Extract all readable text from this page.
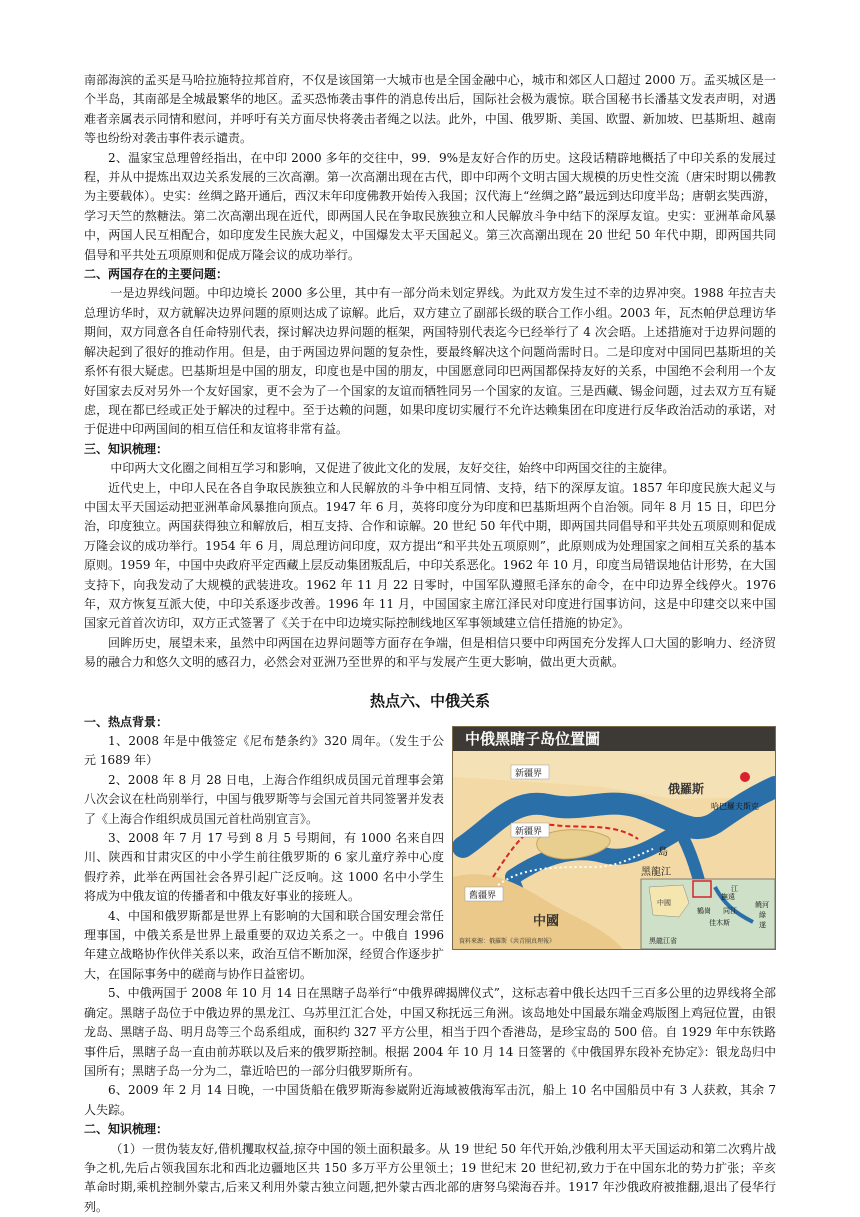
南部海滨的孟买是马哈拉施特拉邦首府，不仅是该国第一大城市也是全国金融中心，城市和郊区人口超过 2000 万。孟买城区是一个半岛，其南部是全城最繁华的地区。孟买恐怖袭击事件的消息传出后，国际社会极为震惊。联合国秘书长潘基文发表声明，对遇难者亲属表示同情和慰问，并呼吁有关方面尽快将袭击者绳之以法。此外，中国、俄罗斯、美国、欧盟、新加坡、巴基斯坦、越南等也纷纷对袭击事件表示谴责。

2、温家宝总理曾经指出，在中印 2000 多年的交往中，99．9%是友好合作的历史。这段话精辟地概括了中印关系的发展过程，并从中提炼出双边关系发展的三次高潮。第一次高潮出现在古代，即中印两个文明古国大规模的历史性交流（唐宋时期以佛教为主要载体）。史实：丝绸之路开通后，西汉末年印度佛教开始传入我国；汉代海上“丝绸之路”最远到达印度半岛；唐朝玄奘西游，学习天竺的熬糖法。第二次高潮出现在近代，即两国人民在争取民族独立和人民解放斗争中结下的深厚友谊。史实：亚洲革命风暴中，两国人民互相配合，如印度发生民族大起义，中国爆发太平天国起义。第三次高潮出现在 20 世纪 50 年代中期，即两国共同倡导和平共处五项原则和促成万隆会议的成功举行。

二、两国存在的主要问题：

一是边界线问题。中印边境长 2000 多公里，其中有一部分尚未划定界线。为此双方发生过不幸的边界冲突。1988 年拉吉夫总理访华时，双方就解决边界问题的原则达成了谅解。此后，双方建立了副部长级的联合工作小组。2003 年，瓦杰帕伊总理访华期间，双方同意各自任命特别代表，探讨解决边界问题的框架，两国特别代表迄今已经举行了 4 次会晤。上述措施对于边界问题的解决起到了很好的推动作用。但是，由于两国边界问题的复杂性，要最终解决这个问题尚需时日。二是印度对中国同巴基斯坦的关系怀有很大疑虑。巴基斯坦是中国的朋友，印度也是中国的朋友，中国愿意同印巴两国都保持友好的关系，中国绝不会利用一个友好国家去反对另外一个友好国家，更不会为了一个国家的友谊而牺牲同另一个国家的友谊。三是西藏、锡金问题，过去双方互有疑虑，现在都已经或正处于解决的过程中。至于达赖的问题，如果印度切实履行不允许达赖集团在印度进行反华政治活动的承诺，对于促进中印两国间的相互信任和友谊将非常有益。

三、知识梳理：

中印两大文化圈之间相互学习和影响，又促进了彼此文化的发展，友好交往，始终中印两国交往的主旋律。

近代史上，中印人民在各自争取民族独立和人民解放的斗争中相互同情、支持，结下的深厚友谊。1857 年印度民族大起义与中国太平天国运动把亚洲革命风暴推向顶点。1947 年 6 月，英将印度分为印度和巴基斯坦两个自治领。同年 8 月 15 日，印巴分治，印度独立。两国获得独立和解放后，相互支持、合作和谅解。20 世纪 50 年代中期，即两国共同倡导和平共处五项原则和促成万隆会议的成功举行。1954 年 6 月，周总理访问印度，双方提出“和平共处五项原则”，此原则成为处理国家之间相互关系的基本原则。1959 年，中国中央政府平定西藏上层反动集团叛乱后，中印关系恶化。1962 年 10 月，印度当局错误地估计形势，在大国支持下，向我发动了大规模的武装进攻。1962 年 11 月 22 日零时，中国军队遵照毛泽东的命令，在中印边界全线停火。1976 年，双方恢复互派大使，中印关系逐步改善。1996 年 11 月，中国国家主席江泽民对印度进行国事访问，这是中印建交以来中国国家元首首次访印，双方正式签署了《关于在中印边境实际控制线地区军事领域建立信任措施的协定》。

回眸历史，展望未来，虽然中印两国在边界问题等方面存在争端，但是相信只要中印两国充分发挥人口大国的影响力、经济贸易的融合力和悠久文明的感召力，必然会对亚洲乃至世界的和平与发展产生更大影响，做出更大贡献。

热点六、中俄关系

一、热点背景：

1、2008 年是中俄签定《尼布楚条约》320 周年。（发生于公元 1689 年）

2、2008 年 8 月 28 日电，上海合作组织成员国元首理事会第八次会议在杜尚别举行，中国与俄罗斯等与会国元首共同签署并发表了《上海合作组织成员国元首杜尚别宣言》。

3、2008 年 7 月 17 号到 8 月 5 号期间，有 1000 名来自四川、陕西和甘肃灾区的中小学生前往俄罗斯的 6 家儿童疗养中心度假疗养，此举在两国社会各界引起广泛反响。这 1000 名中小学生将成为中俄友谊的传播者和中俄友好事业的接班人。

4、中国和俄罗斯都是世界上有影响的大国和联合国安理会常任理事国，中俄关系是世界上最重要的双边关系之一。中俄自 1996 年建立战略协作伙伴关系以来，政治互信不断加深，经贸合作逐步扩大，在国际事务中的磋商与协作日益密切。

中俄黑瞎子岛位置圖
哈巴羅夫斯克
俄羅斯
新疆界
新疆界
舊疆界
中國
島
黑龍江
中國
撫遠
江
鶴崗 同江
佳木斯
饒河
綠
遂
黑龍江省
資料來源：俄羅斯《共青團真理報》

5、中俄两国于 2008 年 10 月 14 日在黑瞎子岛举行“中俄界碑揭牌仪式”，这标志着中俄长达四千三百多公里的边界线将全部确定。黑瞎子岛位于中俄边界的黑龙江、乌苏里江汇合处，中国又称抚远三角洲。该岛地处中国最东端金鸡版图上鸡冠位置，由银龙岛、黑瞎子岛、明月岛等三个岛系组成，面积约 327 平方公里，相当于四个香港岛，是珍宝岛的 500 倍。自 1929 年中东铁路事件后，黑瞎子岛一直由前苏联以及后来的俄罗斯控制。根据 2004 年 10 月 14 日签署的《中俄国界东段补充协定》：银龙岛归中国所有；黑瞎子岛一分为二，靠近哈巴的一部分归俄罗斯所有。

6、2009 年 2 月 14 日晚，一中国货船在俄罗斯海参崴附近海域被俄海军击沉，船上 10 名中国船员中有 3 人获救，其余 7 人失踪。

二、知识梳理：

（1）一贯伪装友好,借机攫取权益,掠夺中国的领土面积最多。从 19 世纪 50 年代开始,沙俄利用太平天国运动和第二次鸦片战争之机,先后占领我国东北和西北边疆地区共 150 多万平方公里领土；19 世纪末 20 世纪初,致力于在中国东北的势力扩张；辛亥革命时期,乘机控制外蒙古,后来又利用外蒙古独立问题,把外蒙古西北部的唐努乌梁海吞并。1917 年沙俄政府被推翻,退出了侵华行列。
